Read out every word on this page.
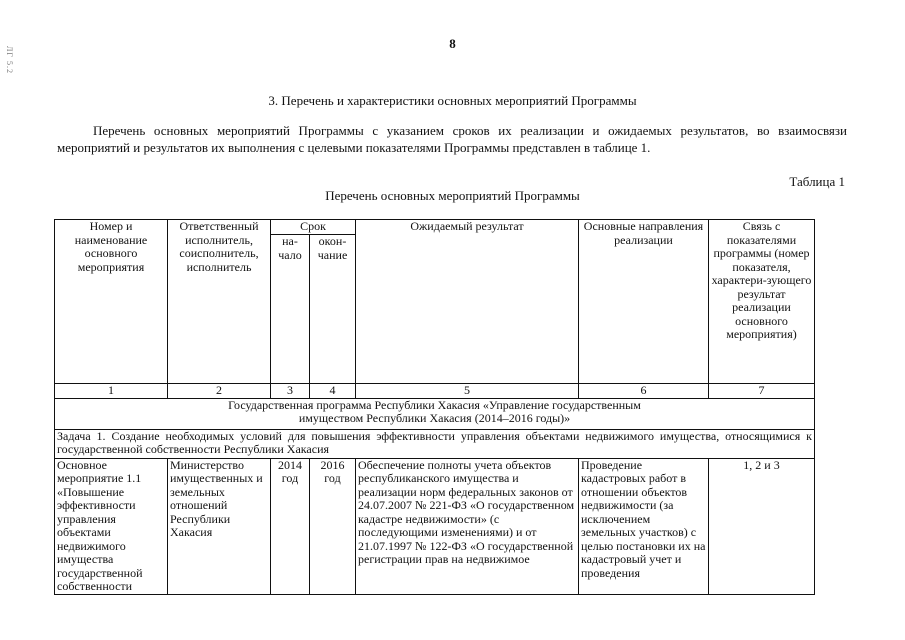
8
ЛГ 5.2
3. Перечень и характеристики основных мероприятий Программы
Перечень основных мероприятий Программы с указанием сроков их реализации и ожидаемых результатов, во взаимосвязи мероприятий и результатов их выполнения с целевыми показателями Программы представлен в таблице 1.
Таблица 1
Перечень основных мероприятий Программы
Номер и наименование основного мероприятия	Ответственный исполнитель, соисполнитель, исполнитель	Срок		Ожидаемый результат	Основные направления реализации	Связь с показателями программы (номер показателя, характери-зующего результат реализации основного мероприятия)
		на-чало	окон-чание			
1	2	3	4	5	6	7
Государственная программа Республики Хакасия «Управление государственным имуществом Республики Хакасия (2014–2016 годы)»						
Задача 1. Создание необходимых условий для повышения эффективности управления объектами недвижимого имущества, относящимися к государственной собственности Республики Хакасия						
Основное мероприятие 1.1 «Повышение эффективности управления объектами недвижимого имущества государственной собственности	Министерство имущественных и земельных отношений Республики Хакасия	2014 год	2016 год	Обеспечение полноты учета объектов республиканского имущества и реализации норм федеральных законов от 24.07.2007 № 221-ФЗ «О государственном кадастре недвижимости» (с последующими изменениями) и от 21.07.1997 № 122-ФЗ «О государственной регистрации прав на недвижимое	Проведение кадастровых работ в отношении объектов недвижимости (за исключением земельных участков) с целью постановки их на кадастровый учет и проведения	1, 2 и 3
